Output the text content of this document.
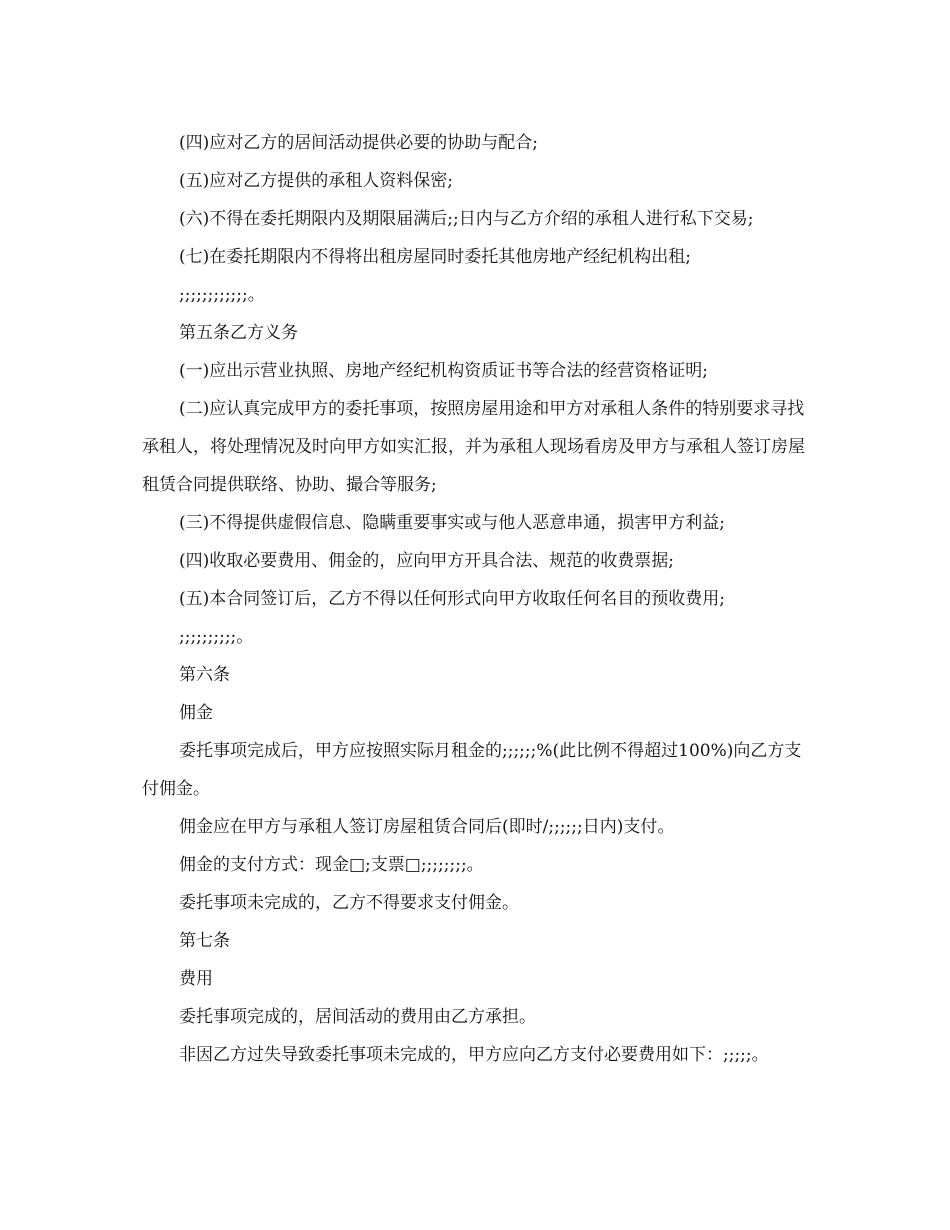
(四)应对乙方的居间活动提供必要的协助与配合;

(五)应对乙方提供的承租人资料保密;

(六)不得在委托期限内及期限届满后;;日内与乙方介绍的承租人进行私下交易;

(七)在委托期限内不得将出租房屋同时委托其他房地产经纪机构出租;

;;;;;;;;;;;;。

第五条乙方义务

(一)应出示营业执照、房地产经纪机构资质证书等合法的经营资格证明;

(二)应认真完成甲方的委托事项，按照房屋用途和甲方对承租人条件的特别要求寻找承租人，将处理情况及时向甲方如实汇报，并为承租人现场看房及甲方与承租人签订房屋租赁合同提供联络、协助、撮合等服务;

(三)不得提供虚假信息、隐瞒重要事实或与他人恶意串通，损害甲方利益;

(四)收取必要费用、佣金的，应向甲方开具合法、规范的收费票据;

(五)本合同签订后，乙方不得以任何形式向甲方收取任何名目的预收费用;

;;;;;;;;;;。

第六条

佣金

委托事项完成后，甲方应按照实际月租金的;;;;;;%(此比例不得超过100%)向乙方支付佣金。

佣金应在甲方与承租人签订房屋租赁合同后(即时/;;;;;;日内)支付。

佣金的支付方式：现金□;支票□;;;;;;;;。

委托事项未完成的，乙方不得要求支付佣金。

第七条

费用

委托事项完成的，居间活动的费用由乙方承担。

非因乙方过失导致委托事项未完成的，甲方应向乙方支付必要费用如下：;;;;;。
